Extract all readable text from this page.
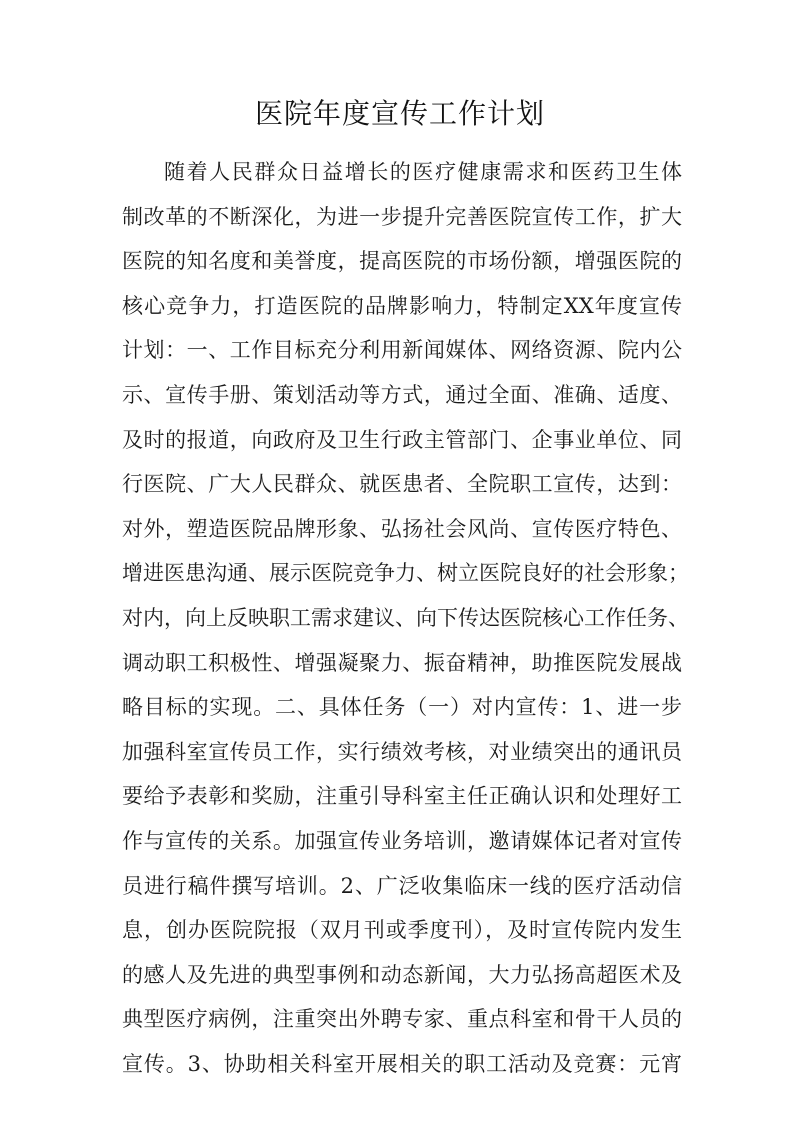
医院年度宣传工作计划
随着人民群众日益增长的医疗健康需求和医药卫生体
制改革的不断深化，为进一步提升完善医院宣传工作，扩大
医院的知名度和美誉度，提高医院的市场份额，增强医院的
核心竞争力，打造医院的品牌影响力，特制定XX年度宣传
计划：一、工作目标充分利用新闻媒体、网络资源、院内公
示、宣传手册、策划活动等方式，通过全面、准确、适度、
及时的报道，向政府及卫生行政主管部门、企事业单位、同
行医院、广大人民群众、就医患者、全院职工宣传，达到：
对外，塑造医院品牌形象、弘扬社会风尚、宣传医疗特色、
增进医患沟通、展示医院竞争力、树立医院良好的社会形象；
对内，向上反映职工需求建议、向下传达医院核心工作任务、
调动职工积极性、增强凝聚力、振奋精神，助推医院发展战
略目标的实现。二、具体任务（一）对内宣传：1、进一步
加强科室宣传员工作，实行绩效考核，对业绩突出的通讯员
要给予表彰和奖励，注重引导科室主任正确认识和处理好工
作与宣传的关系。加强宣传业务培训，邀请媒体记者对宣传
员进行稿件撰写培训。2、广泛收集临床一线的医疗活动信
息，创办医院院报（双月刊或季度刊），及时宣传院内发生
的感人及先进的典型事例和动态新闻，大力弘扬高超医术及
典型医疗病例，注重突出外聘专家、重点科室和骨干人员的
宣传。3、协助相关科室开展相关的职工活动及竞赛：元宵
